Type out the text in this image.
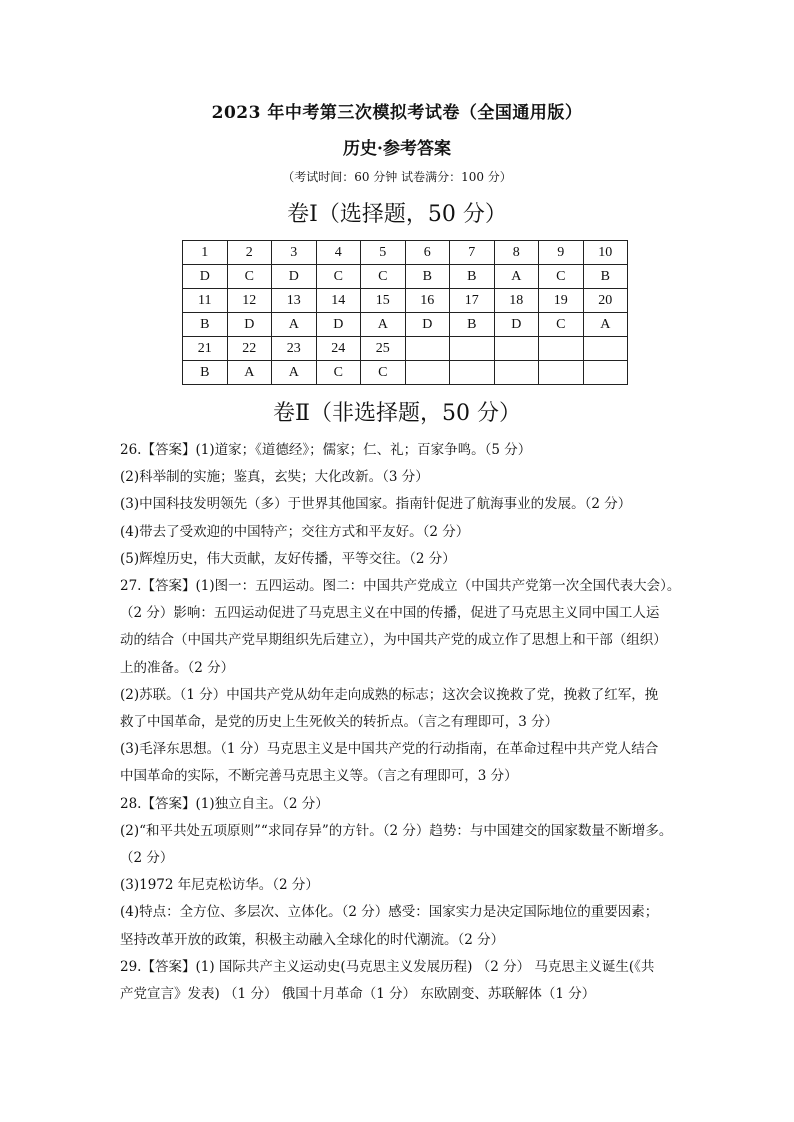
2023 年中考第三次模拟考试卷（全国通用版）
历史·参考答案
（考试时间：60 分钟 试卷满分：100 分）
卷Ⅰ（选择题，50 分）
1	2	3	4	5	6	7	8	9	10
D	C	D	C	C	B	B	A	C	B
11	12	13	14	15	16	17	18	19	20
B	D	A	D	A	D	B	D	C	A
21	22	23	24	25					
B	A	A	C	C					
卷Ⅱ（非选择题，50 分）

26.【答案】(1)道家；《道德经》；儒家；仁、礼；百家争鸣。（5 分）

(2)科举制的实施；鉴真，玄奘；大化改新。（3 分）

(3)中国科技发明领先（多）于世界其他国家。指南针促进了航海事业的发展。（2 分）

(4)带去了受欢迎的中国特产；交往方式和平友好。（2 分）

(5)辉煌历史，伟大贡献，友好传播，平等交往。（2 分）

27.【答案】(1)图一：五四运动。图二：中国共产党成立（中国共产党第一次全国代表大会）。

（2 分）影响：五四运动促进了马克思主义在中国的传播，促进了马克思主义同中国工人运

动的结合（中国共产党早期组织先后建立），为中国共产党的成立作了思想上和干部（组织）

上的准备。（2 分）

(2)苏联。（1 分）中国共产党从幼年走向成熟的标志；这次会议挽救了党，挽救了红军，挽

救了中国革命，是党的历史上生死攸关的转折点。（言之有理即可，3 分）

(3)毛泽东思想。（1 分）马克思主义是中国共产党的行动指南，在革命过程中共产党人结合

中国革命的实际，不断完善马克思主义等。（言之有理即可，3 分）

28.【答案】(1)独立自主。（2 分）

(2)“和平共处五项原则”“求同存异”的方针。（2 分）趋势：与中国建交的国家数量不断增多。

（2 分）

(3)1972 年尼克松访华。（2 分）

(4)特点：全方位、多层次、立体化。（2 分）感受：国家实力是决定国际地位的重要因素；

坚持改革开放的政策，积极主动融入全球化的时代潮流。（2 分）

29.【答案】(1) 国际共产主义运动史(马克思主义发展历程) （2 分） 马克思主义诞生(《共

产党宣言》发表) （1 分） 俄国十月革命（1 分） 东欧剧变、苏联解体（1 分）
